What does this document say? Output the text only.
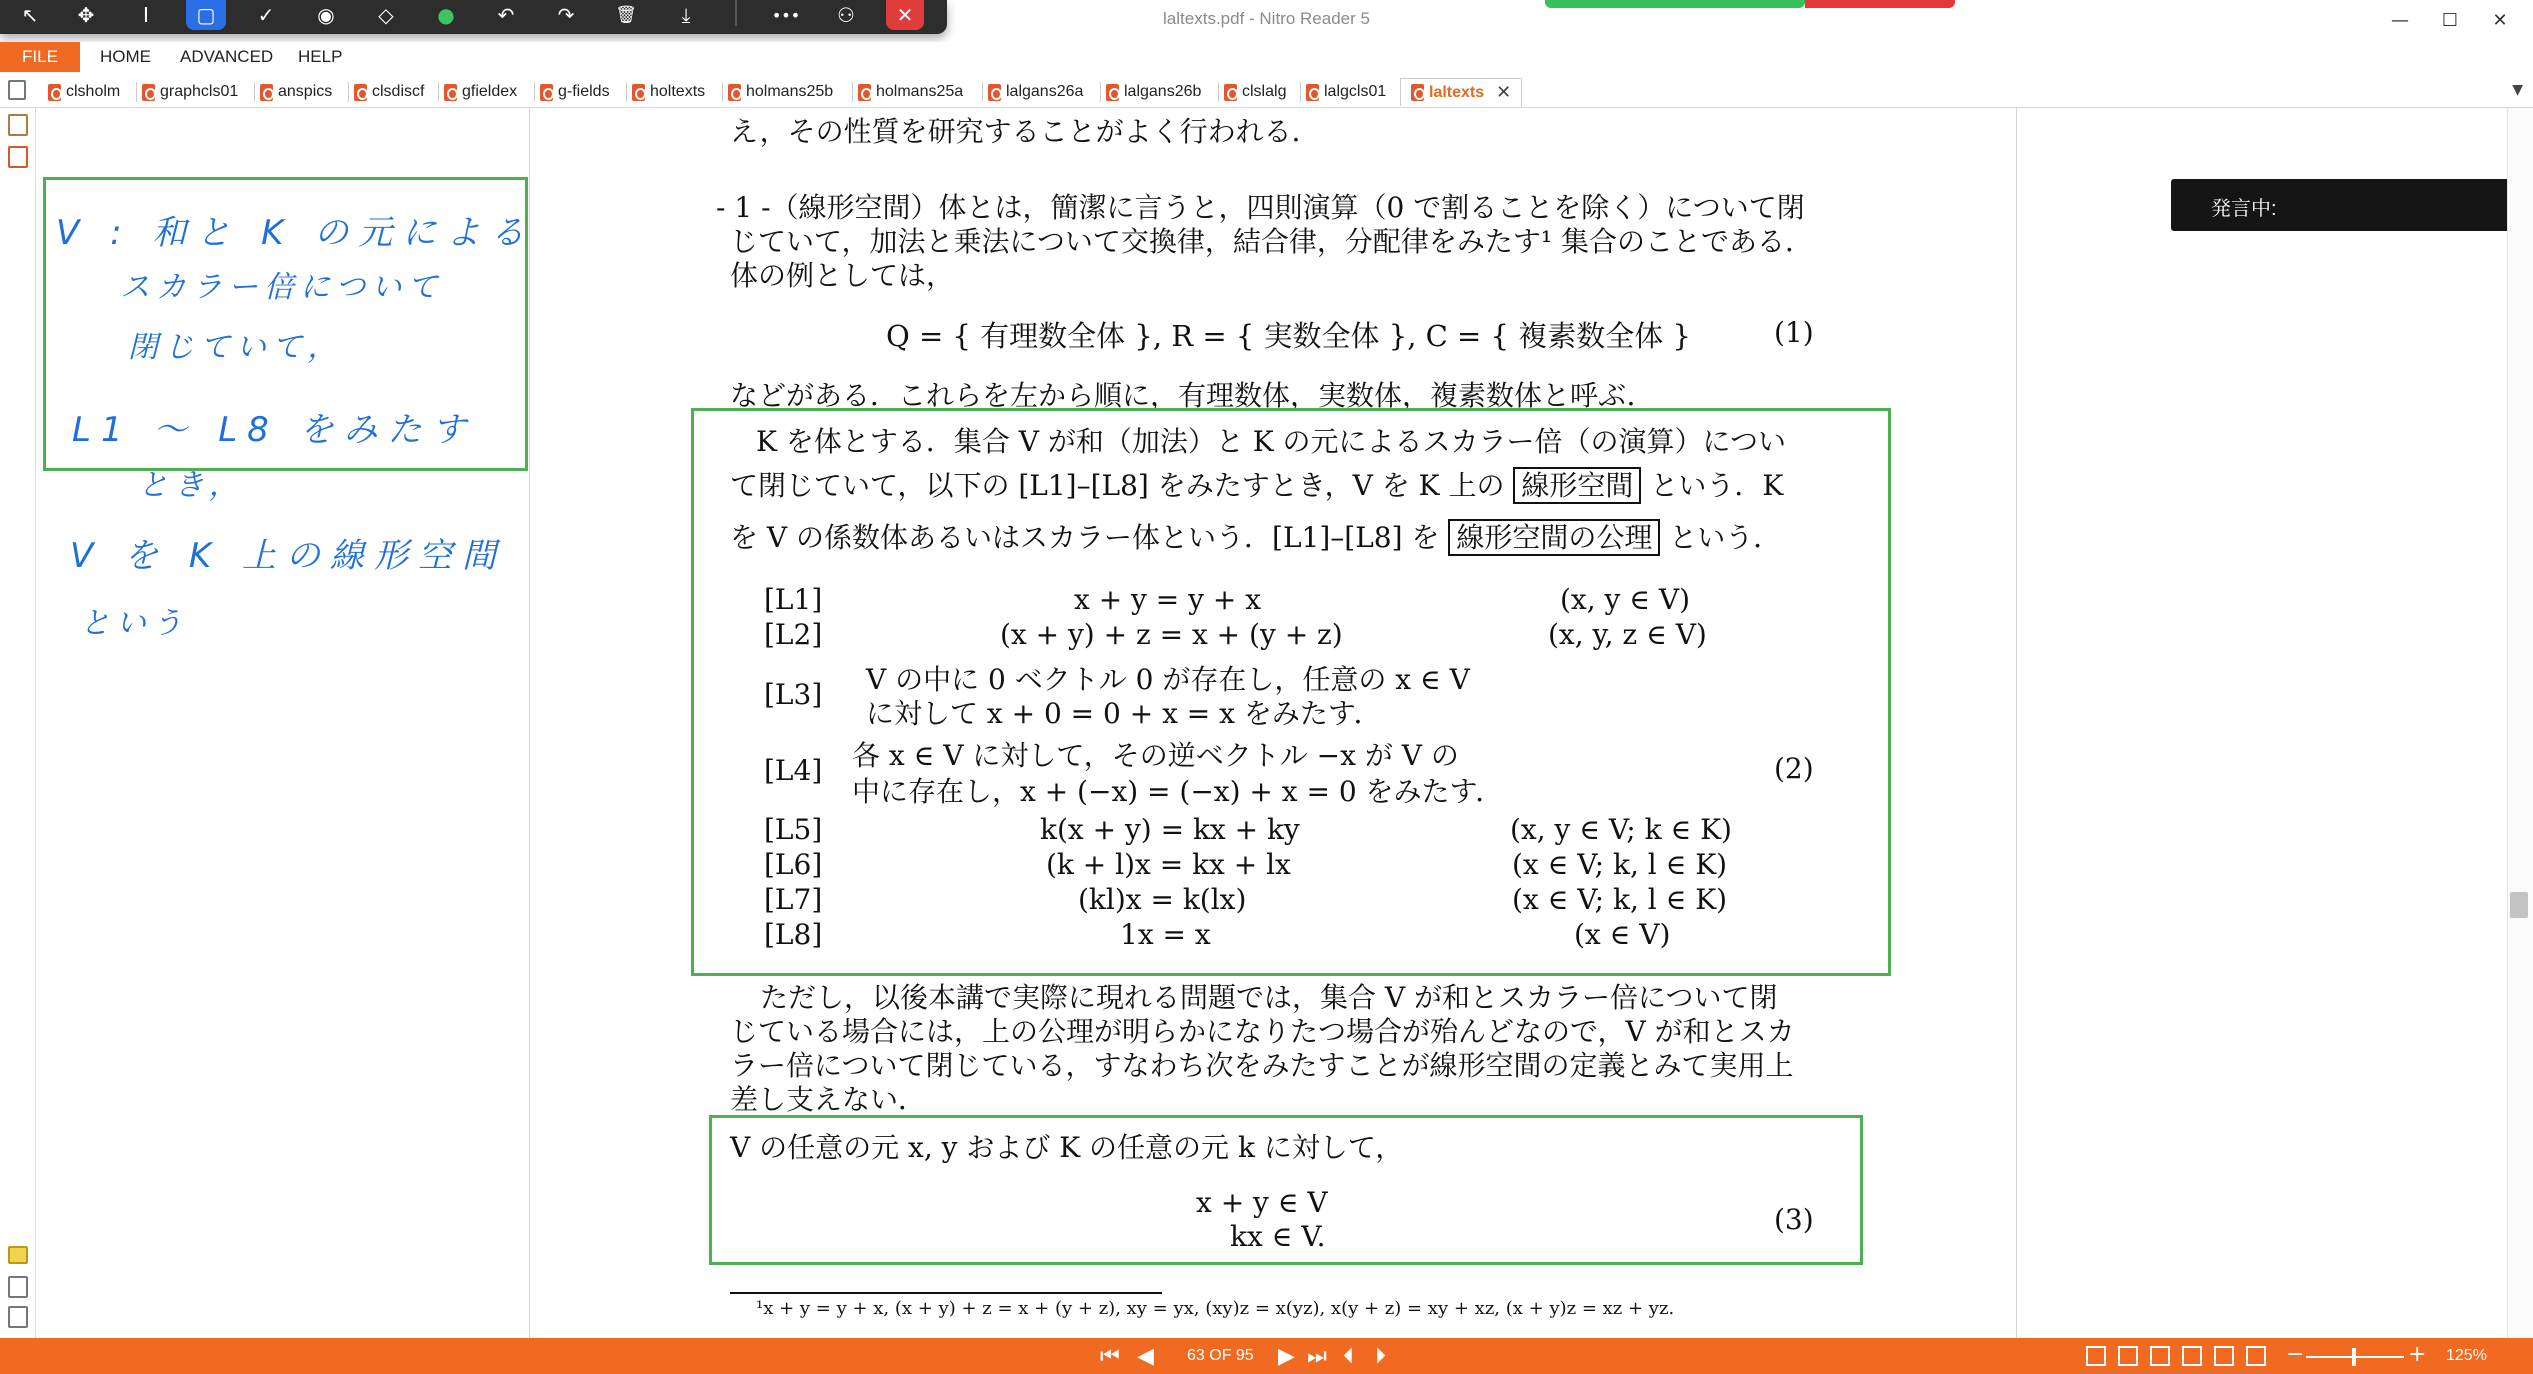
laltexts.pdf - Nitro Reader 5	—	☐	✕
↖	✥	I	▢	✓	◉	◇	●	↶	↷	🗑	⤓	•••	⚇	✕
FILE	HOME ADVANCED HELP
clsholm graphcls01 anspics clsdiscf gfieldex	g-fields	holtexts	holmans25b	holmans25a	lalgans26a	lalgans26b	clslalg lalgcls01	laltexts ✕	▼
V : 和と K の元による
スカラー倍について
閉じていて，
L1 〜 L8 をみたす
とき，
V を K 上の線形空間
という
え，その性質を研究することがよく行われる．
- 1 -（線形空間）体とは，簡潔に言うと，四則演算（0 で割ることを除く）について閉
じていて，加法と乗法について交換律，結合律，分配律をみたす¹ 集合のことである．
体の例としては，
Q = { 有理数全体 }, R = { 実数全体 }, C = { 複素数全体 }	(1)
などがある．これらを左から順に，有理数体，実数体，複素数体と呼ぶ．
K を体とする．集合 V が和（加法）と K の元によるスカラー倍（の演算）につい
て閉じていて，以下の [L1]–[L8] をみたすとき，V を K 上の 線形空間 という．K
を V の係数体あるいはスカラー体という．[L1]–[L8] を 線形空間の公理 という．
[L1]	x + y = y + x	(x, y ∈ V)
[L2]	(x + y) + z = x + (y + z)	(x, y, z ∈ V)
[L3] V の中に 0 ベクトル 0 が存在し，任意の x ∈ V
に対して x + 0 = 0 + x = x をみたす．
[L4] 各 x ∈ V に対して，その逆ベクトル −x が V の
中に存在し，x + (−x) = (−x) + x = 0 をみたす．
(2)
[L5]	k(x + y) = kx + ky	(x, y ∈ V; k ∈ K)
[L6]	(k + l)x = kx + lx	(x ∈ V; k, l ∈ K)
[L7]	(kl)x = k(lx)	(x ∈ V; k, l ∈ K)
[L8]	1x = x	(x ∈ V)
ただし，以後本講で実際に現れる問題では，集合 V が和とスカラー倍について閉
じている場合には，上の公理が明らかになりたつ場合が殆んどなので，V が和とスカ
ラー倍について閉じている，すなわち次をみたすことが線形空間の定義とみて実用上
差し支えない．
V の任意の元 x, y および K の任意の元 k に対して，
x + y ∈ V
kx ∈ V.
(3)
¹x + y = y + x, (x + y) + z = x + (y + z), xy = yx, (xy)z = x(yz), x(y + z) = xy + xz, (x + y)z = xz + yz.
発言中:
⏮ ◀ 63 OF 95 ▶ ⏭ ⏴ ⏵	−	+ 125%
